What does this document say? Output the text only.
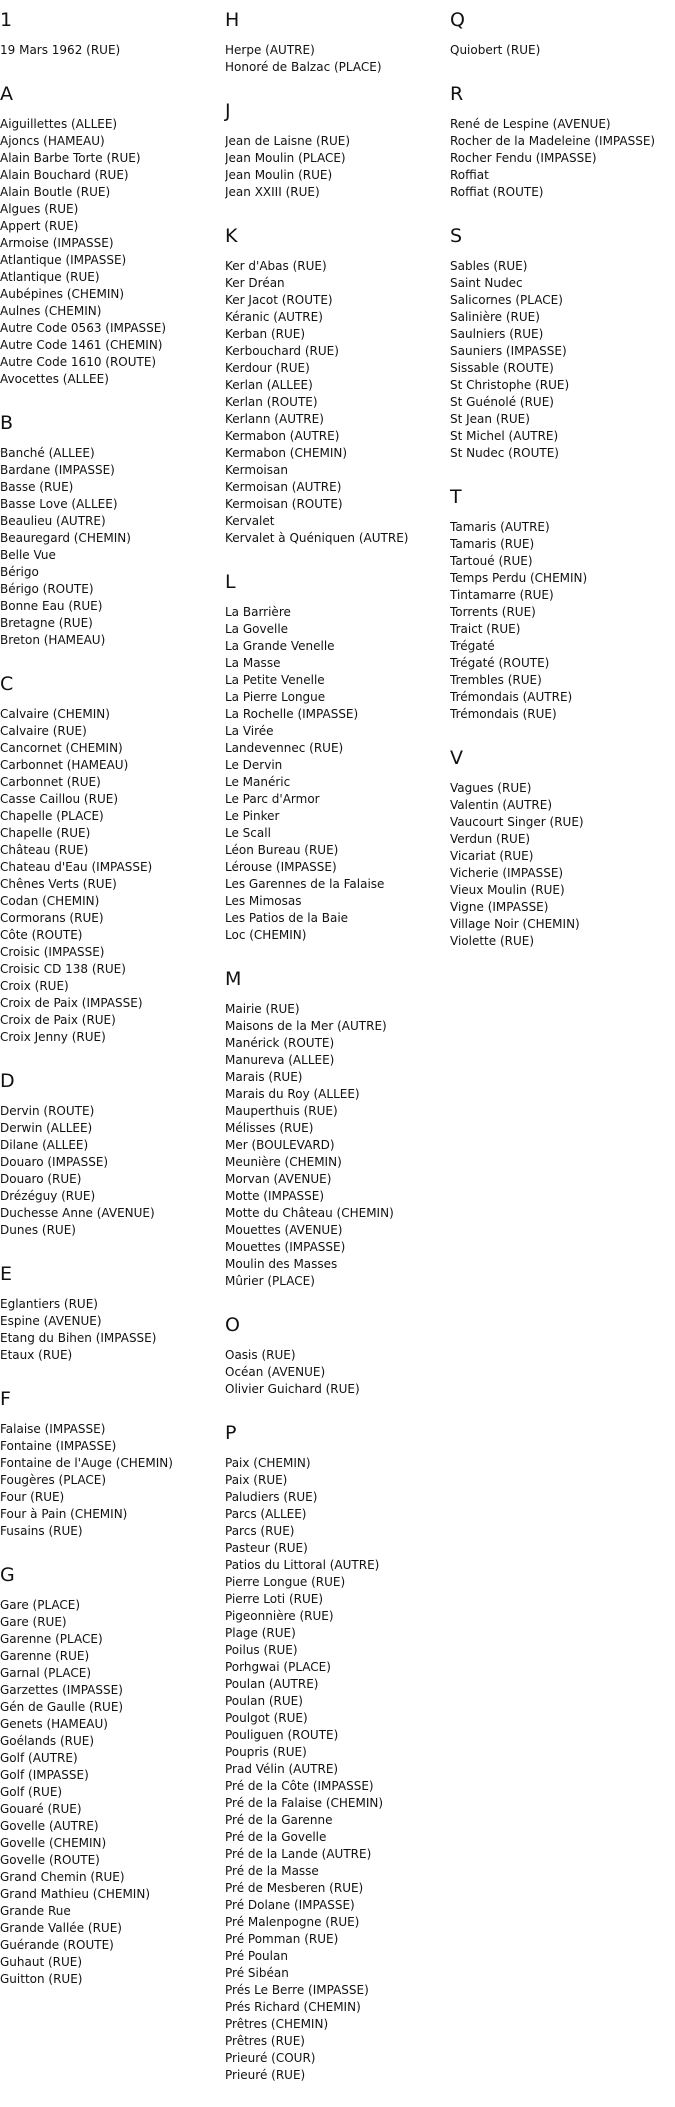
1
19 Mars 1962 (RUE)
A
Aiguillettes (ALLEE)
Ajoncs (HAMEAU)
Alain Barbe Torte (RUE)
Alain Bouchard (RUE)
Alain Boutle (RUE)
Algues (RUE)
Appert (RUE)
Armoise (IMPASSE)
Atlantique (IMPASSE)
Atlantique (RUE)
Aubépines (CHEMIN)
Aulnes (CHEMIN)
Autre Code 0563 (IMPASSE)
Autre Code 1461 (CHEMIN)
Autre Code 1610 (ROUTE)
Avocettes (ALLEE)
B
Banché (ALLEE)
Bardane (IMPASSE)
Basse (RUE)
Basse Love (ALLEE)
Beaulieu (AUTRE)
Beauregard (CHEMIN)
Belle Vue
Bérigo
Bérigo (ROUTE)
Bonne Eau (RUE)
Bretagne (RUE)
Breton (HAMEAU)
C
Calvaire (CHEMIN)
Calvaire (RUE)
Cancornet (CHEMIN)
Carbonnet (HAMEAU)
Carbonnet (RUE)
Casse Caillou (RUE)
Chapelle (PLACE)
Chapelle (RUE)
Château (RUE)
Chateau d'Eau (IMPASSE)
Chênes Verts (RUE)
Codan (CHEMIN)
Cormorans (RUE)
Côte (ROUTE)
Croisic (IMPASSE)
Croisic CD 138 (RUE)
Croix (RUE)
Croix de Paix (IMPASSE)
Croix de Paix (RUE)
Croix Jenny (RUE)
D
Dervin (ROUTE)
Derwin (ALLEE)
Dilane (ALLEE)
Douaro (IMPASSE)
Douaro (RUE)
Drézéguy (RUE)
Duchesse Anne (AVENUE)
Dunes (RUE)
E
Eglantiers (RUE)
Espine (AVENUE)
Etang du Bihen (IMPASSE)
Etaux (RUE)
F
Falaise (IMPASSE)
Fontaine (IMPASSE)
Fontaine de l'Auge (CHEMIN)
Fougères (PLACE)
Four (RUE)
Four à Pain (CHEMIN)
Fusains (RUE)
G
Gare (PLACE)
Gare (RUE)
Garenne (PLACE)
Garenne (RUE)
Garnal (PLACE)
Garzettes (IMPASSE)
Gén de Gaulle (RUE)
Genets (HAMEAU)
Goélands (RUE)
Golf (AUTRE)
Golf (IMPASSE)
Golf (RUE)
Gouaré (RUE)
Govelle (AUTRE)
Govelle (CHEMIN)
Govelle (ROUTE)
Grand Chemin (RUE)
Grand Mathieu (CHEMIN)
Grande Rue
Grande Vallée (RUE)
Guérande (ROUTE)
Guhaut (RUE)
Guitton (RUE)
H
Herpe (AUTRE)
Honoré de Balzac (PLACE)
J
Jean de Laisne (RUE)
Jean Moulin (PLACE)
Jean Moulin (RUE)
Jean XXIII (RUE)
K
Ker d'Abas (RUE)
Ker Dréan
Ker Jacot (ROUTE)
Kéranic (AUTRE)
Kerban (RUE)
Kerbouchard (RUE)
Kerdour (RUE)
Kerlan (ALLEE)
Kerlan (ROUTE)
Kerlann (AUTRE)
Kermabon (AUTRE)
Kermabon (CHEMIN)
Kermoisan
Kermoisan (AUTRE)
Kermoisan (ROUTE)
Kervalet
Kervalet à Quéniquen (AUTRE)
L
La Barrière
La Govelle
La Grande Venelle
La Masse
La Petite Venelle
La Pierre Longue
La Rochelle (IMPASSE)
La Virée
Landevennec (RUE)
Le Dervin
Le Manéric
Le Parc d'Armor
Le Pinker
Le Scall
Léon Bureau (RUE)
Lérouse (IMPASSE)
Les Garennes de la Falaise
Les Mimosas
Les Patios de la Baie
Loc (CHEMIN)
M
Mairie (RUE)
Maisons de la Mer (AUTRE)
Manérick (ROUTE)
Manureva (ALLEE)
Marais (RUE)
Marais du Roy (ALLEE)
Mauperthuis (RUE)
Mélisses (RUE)
Mer (BOULEVARD)
Meunière (CHEMIN)
Morvan (AVENUE)
Motte (IMPASSE)
Motte du Château (CHEMIN)
Mouettes (AVENUE)
Mouettes (IMPASSE)
Moulin des Masses
Mûrier (PLACE)
O
Oasis (RUE)
Océan (AVENUE)
Olivier Guichard (RUE)
P
Paix (CHEMIN)
Paix (RUE)
Paludiers (RUE)
Parcs (ALLEE)
Parcs (RUE)
Pasteur (RUE)
Patios du Littoral (AUTRE)
Pierre Longue (RUE)
Pierre Loti (RUE)
Pigeonnière (RUE)
Plage (RUE)
Poilus (RUE)
Porhgwai (PLACE)
Poulan (AUTRE)
Poulan (RUE)
Poulgot (RUE)
Pouliguen (ROUTE)
Poupris (RUE)
Prad Vélin (AUTRE)
Pré de la Côte (IMPASSE)
Pré de la Falaise (CHEMIN)
Pré de la Garenne
Pré de la Govelle
Pré de la Lande (AUTRE)
Pré de la Masse
Pré de Mesberen (RUE)
Pré Dolane (IMPASSE)
Pré Malenpogne (RUE)
Pré Pomman (RUE)
Pré Poulan
Pré Sibéan
Prés Le Berre (IMPASSE)
Prés Richard (CHEMIN)
Prêtres (CHEMIN)
Prêtres (RUE)
Prieuré (COUR)
Prieuré (RUE)
Q
Quiobert (RUE)
R
René de Lespine (AVENUE)
Rocher de la Madeleine (IMPASSE)
Rocher Fendu (IMPASSE)
Roffiat
Roffiat (ROUTE)
S
Sables (RUE)
Saint Nudec
Salicornes (PLACE)
Salinière (RUE)
Saulniers (RUE)
Sauniers (IMPASSE)
Sissable (ROUTE)
St Christophe (RUE)
St Guénolé (RUE)
St Jean (RUE)
St Michel (AUTRE)
St Nudec (ROUTE)
T
Tamaris (AUTRE)
Tamaris (RUE)
Tartoué (RUE)
Temps Perdu (CHEMIN)
Tintamarre (RUE)
Torrents (RUE)
Traict (RUE)
Trégaté
Trégaté (ROUTE)
Trembles (RUE)
Trémondais (AUTRE)
Trémondais (RUE)
V
Vagues (RUE)
Valentin (AUTRE)
Vaucourt Singer (RUE)
Verdun (RUE)
Vicariat (RUE)
Vicherie (IMPASSE)
Vieux Moulin (RUE)
Vigne (IMPASSE)
Village Noir (CHEMIN)
Violette (RUE)
